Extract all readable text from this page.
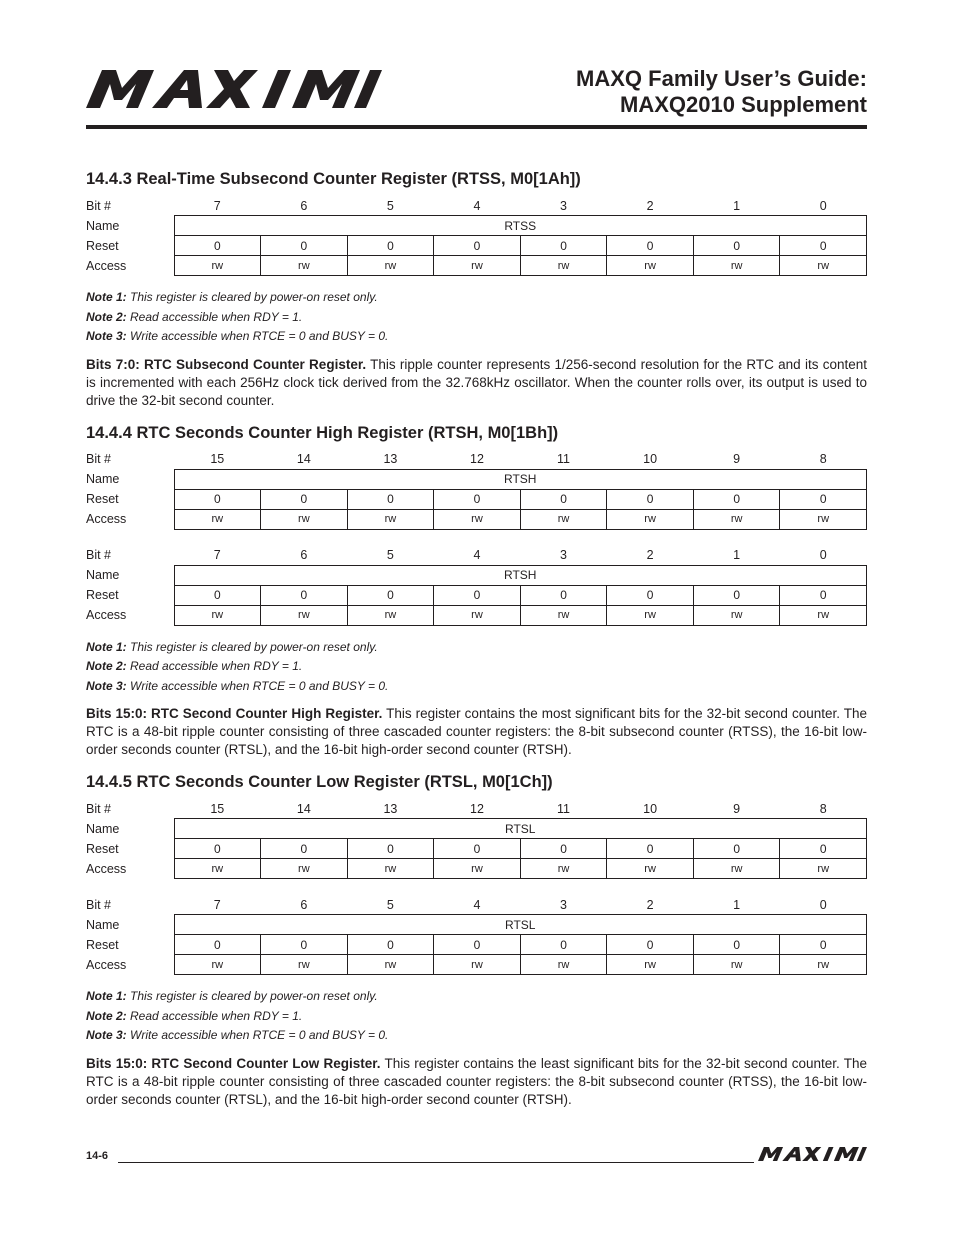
MAXQ Family User’s Guide:
MAXQ2010 Supplement
14.4.3 Real-Time Subsecond Counter Register (RTSS, M0[1Ah])
Bit #	7	6	5	4	3	2	1	0
Name	RTSS							
Reset	0	0	0	0	0	0	0	0
Access	rw	rw	rw	rw	rw	rw	rw	rw
Note 1: This register is cleared by power-on reset only.
Note 2: Read accessible when RDY = 1.
Note 3: Write accessible when RTCE = 0 and BUSY = 0.
Bits 7:0: RTC Subsecond Counter Register. This ripple counter represents 1/256-second resolution for the RTC and its content is incremented with each 256Hz clock tick derived from the 32.768kHz oscillator. When the counter rolls over, its output is used to drive the 32-bit second counter.
14.4.4 RTC Seconds Counter High Register (RTSH, M0[1Bh])
Bit #	15	14	13	12	11	10	9	8
Name	RTSH							
Reset	0	0	0	0	0	0	0	0
Access	rw	rw	rw	rw	rw	rw	rw	rw
Bit #	7	6	5	4	3	2	1	0
Name	RTSH							
Reset	0	0	0	0	0	0	0	0
Access	rw	rw	rw	rw	rw	rw	rw	rw
Note 1: This register is cleared by power-on reset only.
Note 2: Read accessible when RDY = 1.
Note 3: Write accessible when RTCE = 0 and BUSY = 0.
Bits 15:0: RTC Second Counter High Register. This register contains the most significant bits for the 32-bit second counter. The RTC is a 48-bit ripple counter consisting of three cascaded counter registers: the 8-bit subsecond counter (RTSS), the 16-bit low-order seconds counter (RTSL), and the 16-bit high-order second counter (RTSH).
14.4.5 RTC Seconds Counter Low Register (RTSL, M0[1Ch])
Bit #	15	14	13	12	11	10	9	8
Name	RTSL							
Reset	0	0	0	0	0	0	0	0
Access	rw	rw	rw	rw	rw	rw	rw	rw
Bit #	7	6	5	4	3	2	1	0
Name	RTSL							
Reset	0	0	0	0	0	0	0	0
Access	rw	rw	rw	rw	rw	rw	rw	rw
Note 1: This register is cleared by power-on reset only.
Note 2: Read accessible when RDY = 1.
Note 3: Write accessible when RTCE = 0 and BUSY = 0.
Bits 15:0: RTC Second Counter Low Register. This register contains the least significant bits for the 32-bit second counter. The RTC is a 48-bit ripple counter consisting of three cascaded counter registers: the 8-bit subsecond counter (RTSS), the 16-bit low-order seconds counter (RTSL), and the 16-bit high-order second counter (RTSH).
14-6
